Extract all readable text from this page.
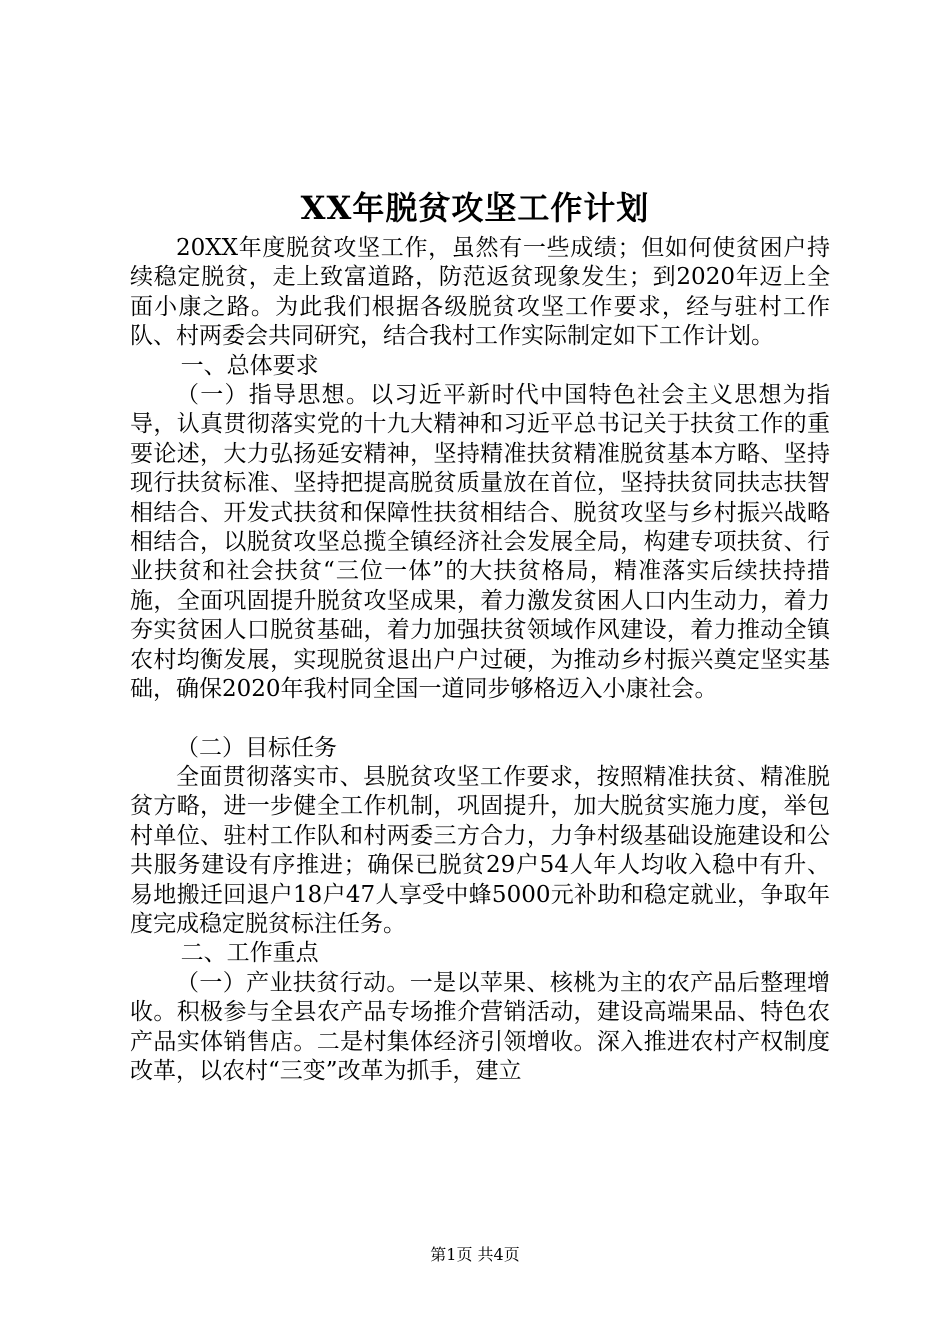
XX年脱贫攻坚工作计划

20XX年度脱贫攻坚工作，虽然有一些成绩；但如何使贫困户持续稳定脱贫，走上致富道路，防范返贫现象发生；到2020年迈上全面小康之路。为此我们根据各级脱贫攻坚工作要求，经与驻村工作队、村两委会共同研究，结合我村工作实际制定如下工作计划。

一、总体要求

（一）指导思想。以习近平新时代中国特色社会主义思想为指导，认真贯彻落实党的十九大精神和习近平总书记关于扶贫工作的重要论述，大力弘扬延安精神，坚持精准扶贫精准脱贫基本方略、坚持现行扶贫标准、坚持把提高脱贫质量放在首位，坚持扶贫同扶志扶智相结合、开发式扶贫和保障性扶贫相结合、脱贫攻坚与乡村振兴战略相结合，以脱贫攻坚总揽全镇经济社会发展全局，构建专项扶贫、行业扶贫和社会扶贫“三位一体”的大扶贫格局，精准落实后续扶持措施，全面巩固提升脱贫攻坚成果，着力激发贫困人口内生动力，着力夯实贫困人口脱贫基础，着力加强扶贫领域作风建设，着力推动全镇农村均衡发展，实现脱贫退出户户过硬，为推动乡村振兴奠定坚实基础，确保2020年我村同全国一道同步够格迈入小康社会。

（二）目标任务

全面贯彻落实市、县脱贫攻坚工作要求，按照精准扶贫、精准脱贫方略，进一步健全工作机制，巩固提升，加大脱贫实施力度，举包村单位、驻村工作队和村两委三方合力，力争村级基础设施建设和公共服务建设有序推进；确保已脱贫29户54人年人均收入稳中有升、易地搬迁回退户18户47人享受中蜂5000元补助和稳定就业，争取年度完成稳定脱贫标注任务。

二、工作重点

（一）产业扶贫行动。一是以苹果、核桃为主的农产品后整理增收。积极参与全县农产品专场推介营销活动，建设高端果品、特色农产品实体销售店。二是村集体经济引领增收。深入推进农村产权制度改革，以农村“三变”改革为抓手，建立

第1页 共4页
